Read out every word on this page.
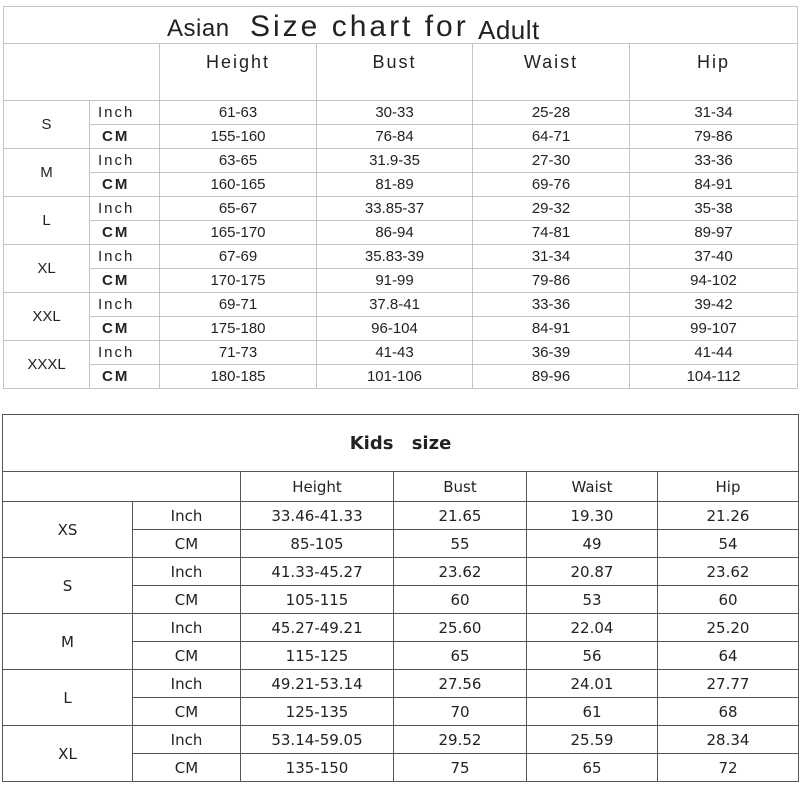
Asian Size chart for Adult					

		Height	Bust	Waist	Hip
S	Inch	61-63	30-33	25-28	31-34
	CM	155-160	76-84	64-71	79-86
M	Inch	63-65	31.9-35	27-30	33-36
	CM	160-165	81-89	69-76	84-91
L	Inch	65-67	33.85-37	29-32	35-38
	CM	165-170	86-94	74-81	89-97
XL	Inch	67-69	35.83-39	31-34	37-40
	CM	170-175	91-99	79-86	94-102
XXL	Inch	69-71	37.8-41	33-36	39-42
	CM	175-180	96-104	84-91	99-107
XXXL	Inch	71-73	41-43	36-39	41-44
	CM	180-185	101-106	89-96	104-112
Kids size					
		Height	Bust	Waist	Hip
XS	Inch	33.46-41.33	21.65	19.30	21.26
	CM	85-105	55	49	54
S	Inch	41.33-45.27	23.62	20.87	23.62
	CM	105-115	60	53	60
M	Inch	45.27-49.21	25.60	22.04	25.20
	CM	115-125	65	56	64
L	Inch	49.21-53.14	27.56	24.01	27.77
	CM	125-135	70	61	68
XL	Inch	53.14-59.05	29.52	25.59	28.34
	CM	135-150	75	65	72
